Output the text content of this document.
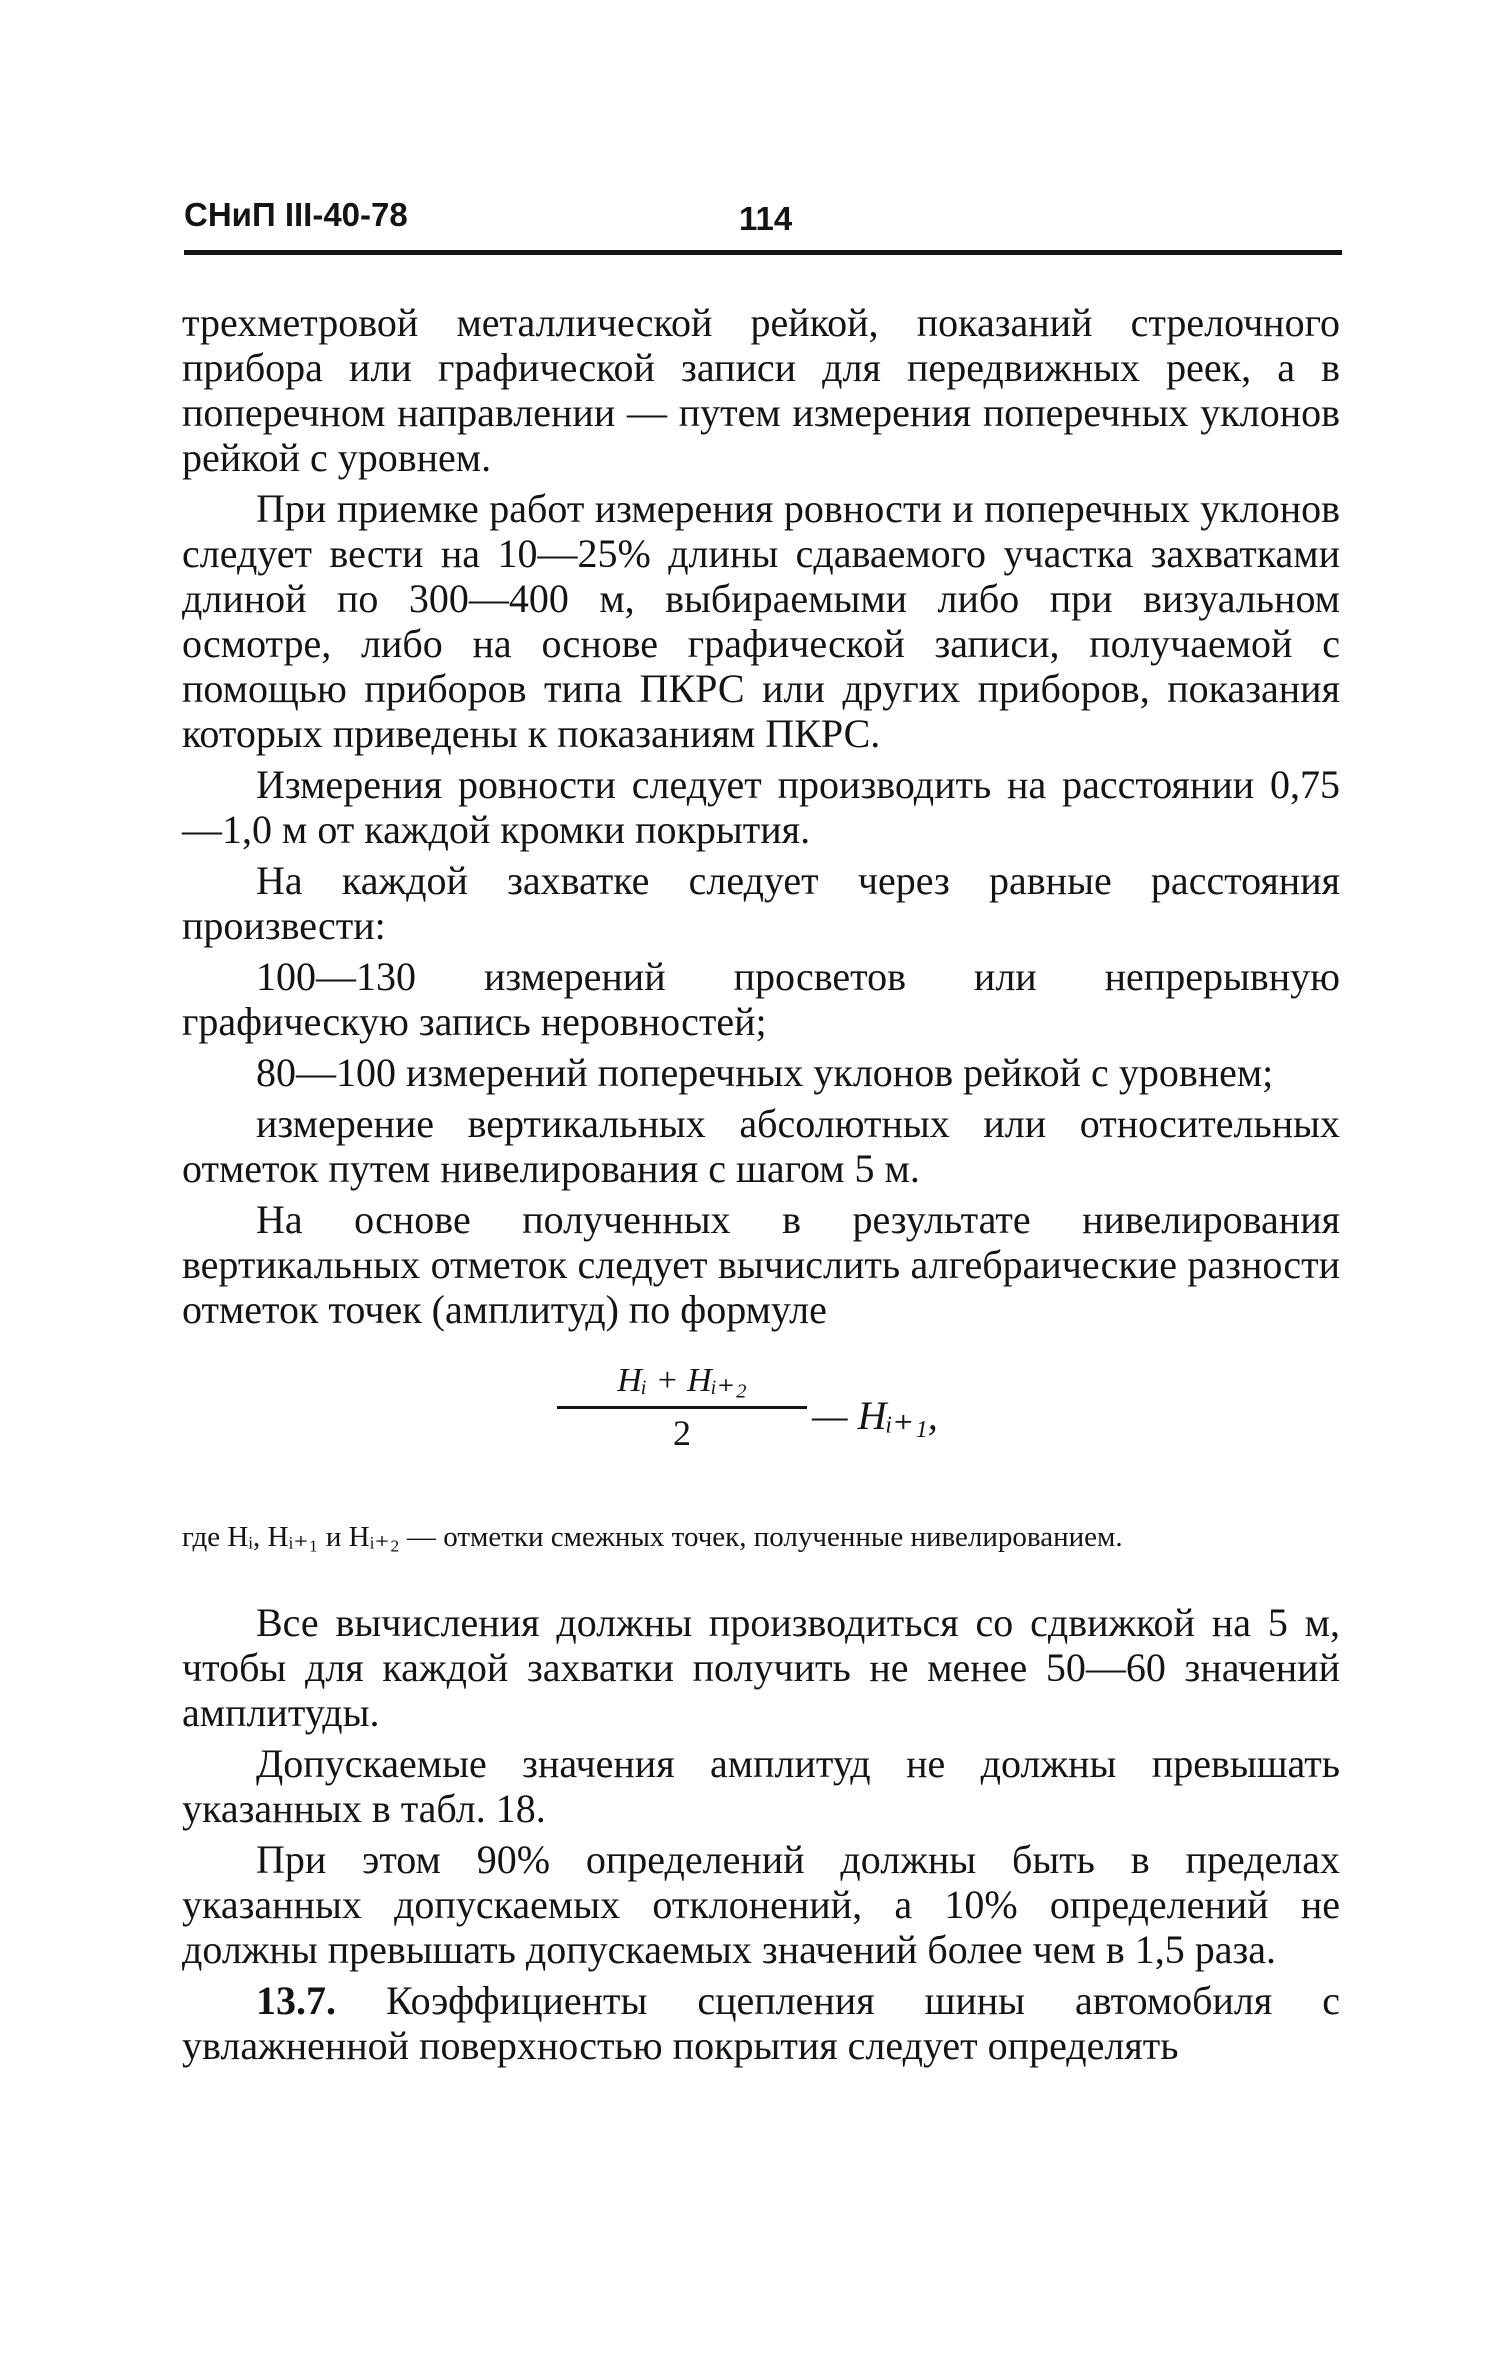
СНиП III-40-78	114

трехметровой металлической рейкой, показаний стрелочного прибора или графической записи для передвижных реек, а в поперечном направлении — путем измерения поперечных уклонов рейкой с уровнем.

При приемке работ измерения ровности и поперечных уклонов следует вести на 10—25% длины сдаваемого участка захватками длиной по 300—400 м, выбираемыми либо при визуальном осмотре, либо на основе графической записи, получаемой с помощью приборов типа ПКРС или других приборов, показания которых приведены к показаниям ПКРС.

Измерения ровности следует производить на расстоянии 0,75—1,0 м от каждой кромки покрытия.

На каждой захватке следует через равные расстояния произвести:

100—130 измерений просветов или непрерывную графическую запись неровностей;

80—100 измерений поперечных уклонов рейкой с уровнем;

измерение вертикальных абсолютных или относительных отметок путем нивелирования с шагом 5 м.

На основе полученных в результате нивелирования вертикальных отметок следует вычислить алгебраические разности отметок точек (амплитуд) по формуле

Hᵢ + Hᵢ₊₂
2	— Hᵢ₊₁,

где Hᵢ, Hᵢ₊₁ и Hᵢ₊₂ — отметки смежных точек, полученные нивелированием.

Все вычисления должны производиться со сдвижкой на 5 м, чтобы для каждой захватки получить не менее 50—60 значений амплитуды.

Допускаемые значения амплитуд не должны превышать указанных в табл. 18.

При этом 90% определений должны быть в пределах указанных допускаемых отклонений, а 10% определений не должны превышать допускаемых значений более чем в 1,5 раза.

13.7. Коэффициенты сцепления шины автомобиля с увлажненной поверхностью покрытия следует определять
